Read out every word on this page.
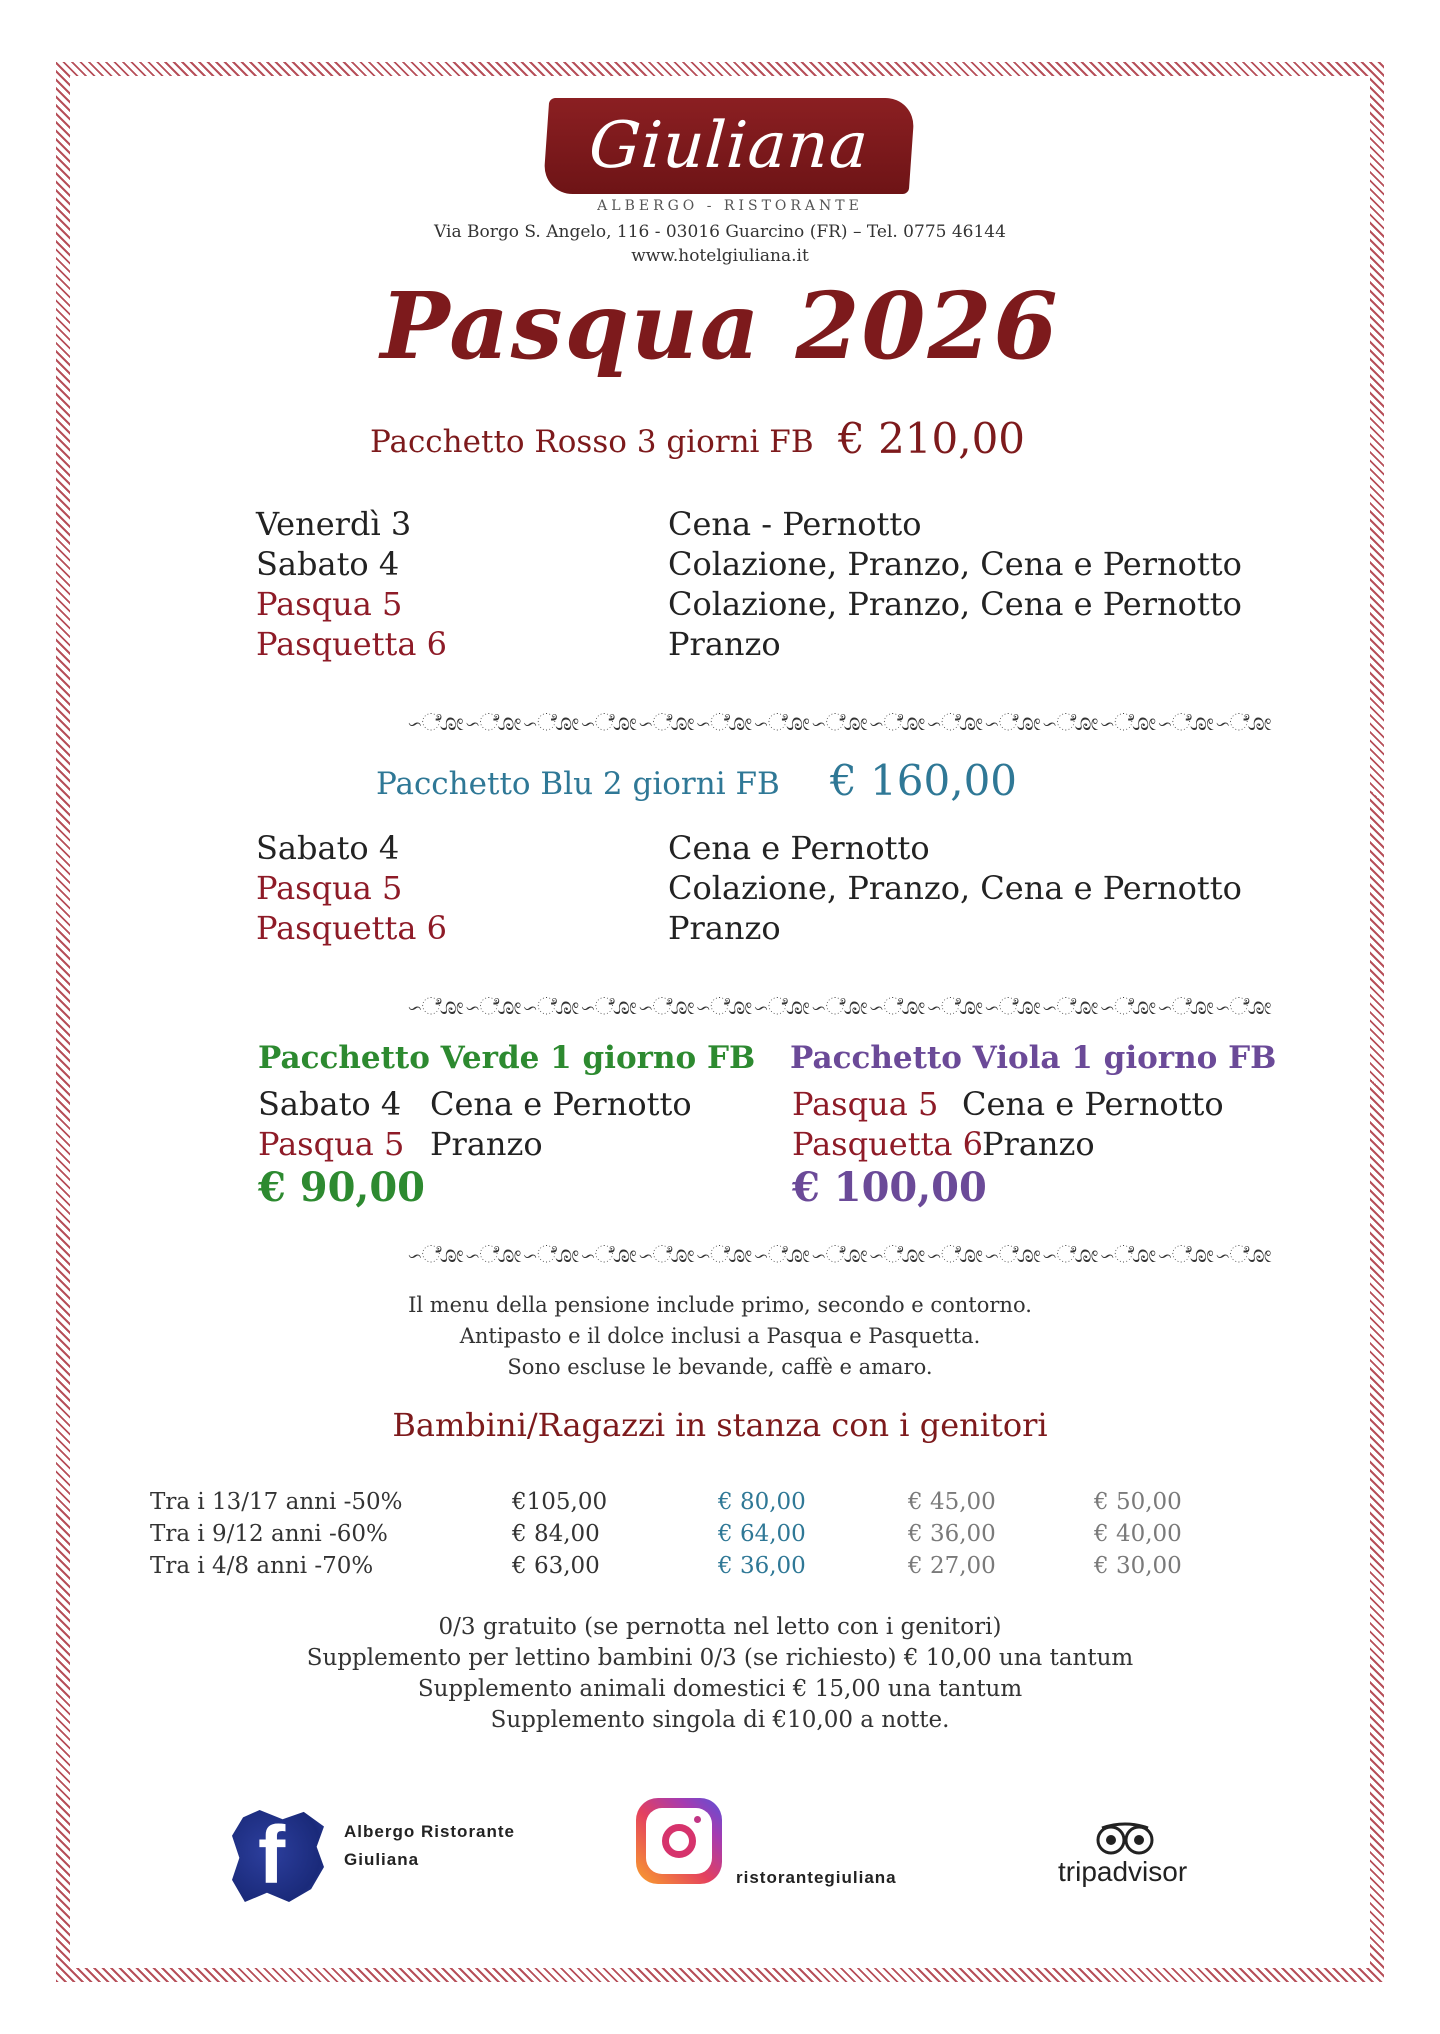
Giuliana
ALBERGO - RISTORANTE
Via Borgo S. Angelo, 116 - 03016 Guarcino (FR) – Tel. 0775 46144
www.hotelgiuliana.it
Pasqua 2026
Pacchetto Rosso 3 giorni FB € 210,00
Venerdì 3	Cena - Pernotto
Sabato 4	Colazione, Pranzo, Cena e Pernotto
Pasqua 5	Colazione, Pranzo, Cena e Pernotto
Pasquetta 6	Pranzo
∽ೋ∽ೋ∽ೋ∽ೋ∽ೋ∽ೋ∽ೋ∽ೋ∽ೋ∽ೋ∽ೋ∽ೋ∽ೋ∽ೋ∽ೋ
Pacchetto Blu 2 giorni FB € 160,00
Sabato 4	Cena e Pernotto
Pasqua 5	Colazione, Pranzo, Cena e Pernotto
Pasquetta 6	Pranzo
∽ೋ∽ೋ∽ೋ∽ೋ∽ೋ∽ೋ∽ೋ∽ೋ∽ೋ∽ೋ∽ೋ∽ೋ∽ೋ∽ೋ∽ೋ
Pacchetto Verde 1 giorno FB
Sabato 4 Cena e Pernotto
Pasqua 5 Pranzo
€ 90,00
Pacchetto Viola 1 giorno FB
Pasqua 5 Cena e Pernotto
Pasquetta 6 Pranzo
€ 100,00
∽ೋ∽ೋ∽ೋ∽ೋ∽ೋ∽ೋ∽ೋ∽ೋ∽ೋ∽ೋ∽ೋ∽ೋ∽ೋ∽ೋ∽ೋ
Il menu della pensione include primo, secondo e contorno.
Antipasto e il dolce inclusi a Pasqua e Pasquetta.
Sono escluse le bevande, caffè e amaro.
Bambini/Ragazzi in stanza con i genitori
Tra i 13/17 anni -50%	€105,00	€ 80,00	€ 45,00	€ 50,00
Tra i 9/12 anni -60%	€ 84,00	€ 64,00	€ 36,00	€ 40,00
Tra i 4/8 anni -70%	€ 63,00	€ 36,00	€ 27,00	€ 30,00
0/3 gratuito (se pernotta nel letto con i genitori)
Supplemento per lettino bambini 0/3 (se richiesto) € 10,00 una tantum
Supplemento animali domestici € 15,00 una tantum
Supplemento singola di €10,00 a notte.
f	Albergo Ristorante
Giuliana
ristorantegiuliana	tripadvisor
